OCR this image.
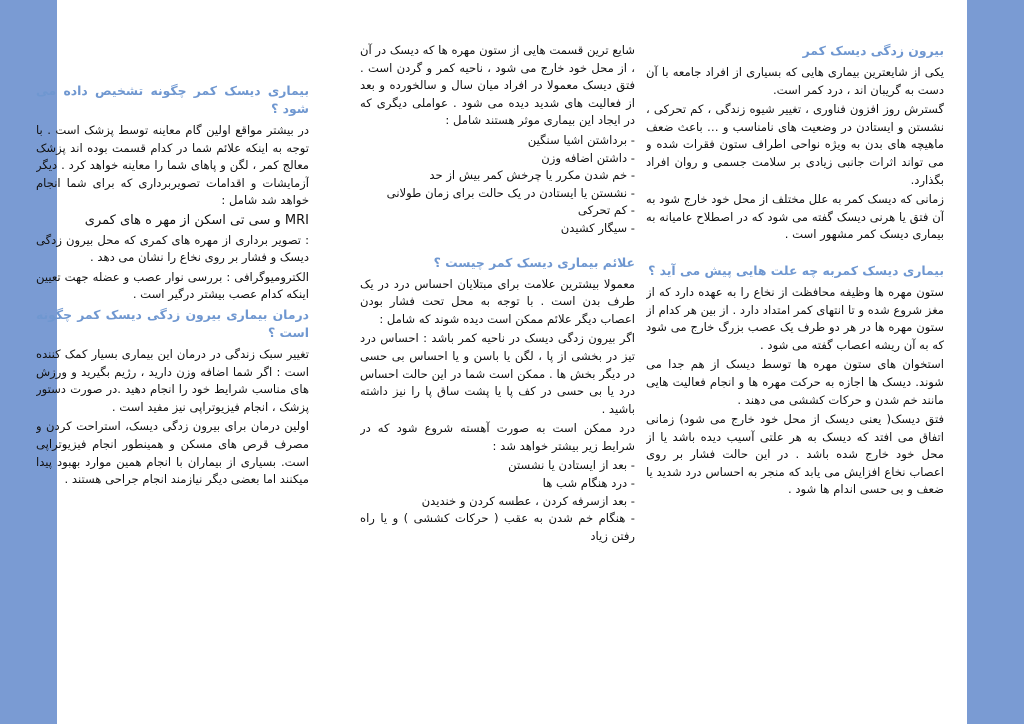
بیرون زدگی دیسک کمر

یکی از شایعترین بیماری هایی که بسیاری از افراد جامعه با آن دست به گریبان اند ، درد کمر است.

گسترش روز افزون فناوری ، تغییر شیوه زندگی ، کم تحرکی ، نشستن و ایستادن در وضعیت های نامناسب و … باعث ضعف ماهیچه های بدن به ویژه نواحی اطراف ستون فقرات شده و می تواند اثرات جانبی زیادی بر سلامت جسمی و روان افراد بگذارد.

زمانی که دیسک کمر به علل مختلف از محل خود خارج شود به آن فتق یا هرنی دیسک گفته می شود که در اصطلاح عامیانه به بیماری دیسک کمر مشهور است .

بیماری دیسک کمربه چه علت هایی پیش می آید ؟

ستون مهره ها وظیفه محافظت از نخاع را به عهده دارد که از مغز شروع شده و تا انتهای کمر امتداد دارد . از بین هر کدام از ستون مهره ها در هر دو طرف یک عصب بزرگ خارج می شود که به آن ریشه اعصاب گفته می شود .

استخوان های ستون مهره ها توسط دیسک از هم جدا می شوند. دیسک ها اجازه به حرکت مهره ها و انجام فعالیت هایی مانند خم شدن و حرکات کششی می دهند .

فتق دیسک( یعنی دیسک از محل خود خارج می شود) زمانی اتفاق می افتد که دیسک به هر علتی آسیب دیده باشد یا از محل خود خارج شده باشد . در این حالت فشار بر روی اعصاب نخاع افزایش می یابد که منجر به احساس درد شدید یا ضعف و بی حسی اندام ها شود .

شایع ترین قسمت هایی از ستون مهره ها که دیسک در آن ، از محل خود خارج می شود ، ناحیه کمر و گردن است . فتق دیسک معمولا در افراد میان سال و سالخورده و بعد از فعالیت های شدید دیده می شود . عواملی دیگری که در ایجاد این بیماری موثر هستند شامل :

- برداشتن اشیا سنگین
- داشتن اضافه وزن
- خم شدن مکرر یا چرخش کمر بیش از حد
- نشستن یا ایستادن در یک حالت برای زمان طولانی
- کم تحرکی
- سیگار کشیدن
علائم بیماری دیسک کمر چیست ؟

معمولا بیشترین علامت برای مبتلایان احساس درد در یک طرف بدن است . با توجه به محل تحت فشار بودن اعصاب دیگر علائم ممکن است دیده شوند که شامل :

اگر بیرون زدگی دیسک در ناحیه کمر باشد : احساس درد تیز در بخشی از پا ، لگن یا باسن و یا احساس بی حسی در دیگر بخش ها . ممکن است شما در این حالت احساس درد یا بی حسی در کف پا یا پشت ساق پا را نیز داشته باشید .

درد ممکن است به صورت آهسته شروع شود که در شرایط زیر بیشتر خواهد شد :

- بعد از ایستادن یا نشستن
- درد هنگام شب ها
- بعد ازسرفه کردن ، عطسه کردن و خندیدن
- هنگام خم شدن به عقب ( حرکات کششی ) و یا راه رفتن زیاد
بیماری دیسک کمر چگونه تشخیص داده می شود ؟

در بیشتر مواقع اولین گام معاینه توسط پزشک است . با توجه به اینکه علائم شما در کدام قسمت بوده اند پزشک معالج کمر ، لگن و پاهای شما را معاینه خواهد کرد . دیگر آزمایشات و اقدامات تصویربرداری که برای شما انجام خواهد شد شامل :

MRI و سی تی اسکن از مهر ه های کمری

: تصویر برداری از مهره های کمری که محل بیرون زدگی دیسک و فشار بر روی نخاع را نشان می دهد .

الکترومیوگرافی : بررسی نوار عصب و عضله جهت تعیین اینکه کدام عصب بیشتر درگیر است .

درمان بیماری بیرون زدگی دیسک کمر چگونه است ؟

تغییر سبک زندگی در درمان این بیماری بسیار کمک کننده است : اگر شما اضافه وزن دارید ، رژیم بگیرید و ورزش های مناسب شرایط خود را انجام دهید .در صورت دستور پزشک ، انجام فیزیوتراپی نیز مفید است .

اولین درمان برای بیرون زدگی دیسک، استراحت کردن و مصرف قرص های مسکن و همینطور انجام فیزیوتراپی است. بسیاری از بیماران با انجام همین موارد بهبود پیدا میکنند اما بعضی دیگر نیازمند انجام جراحی هستند .
